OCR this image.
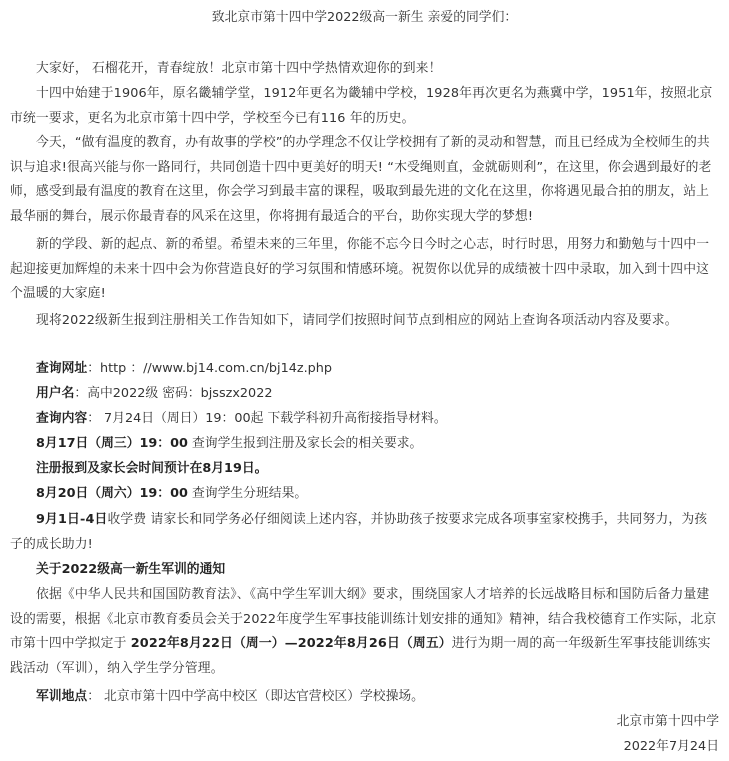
致北京市第十四中学2022级高一新生 亲爱的同学们：

大家好， 石榴花开，青春绽放！北京市第十四中学热情欢迎你的到来！

十四中始建于1906年，原名畿辅学堂，1912年更名为畿辅中学校，1928年再次更名为燕冀中学，1951年，按照北京市统一要求，更名为北京市第十四中学，学校至今已有116 年的历史。

今天，“做有温度的教育，办有故事的学校”的办学理念不仅让学校拥有了新的灵动和智慧，而且已经成为全校师生的共识与追求!很高兴能与你一路同行，共同创造十四中更美好的明天! “木受绳则直，金就砺则利”，在这里，你会遇到最好的老师，感受到最有温度的教育在这里，你会学习到最丰富的课程，吸取到最先进的文化在这里，你将遇见最合拍的朋友，站上最华丽的舞台，展示你最青春的风采在这里，你将拥有最适合的平台，助你实现大学的梦想!

新的学段、新的起点、新的希望。希望未来的三年里，你能不忘今日今时之心志，时行时思，用努力和勤勉与十四中一起迎接更加辉煌的未来十四中会为你营造良好的学习氛围和情感环境。祝贺你以优异的成绩被十四中录取，加入到十四中这个温暖的大家庭!

现将2022级新生报到注册相关工作告知如下，请同学们按照时间节点到相应的网站上查询各项活动内容及要求。

查询网址：http ：//www.bj14.com.cn/bj14z.php
用户名：高中2022级 密码：bjsszx2022
查询内容： 7月24日（周日）19：00起 下载学科初升高衔接指导材料。
8月17日（周三）19：00 查询学生报到注册及家长会的相关要求。
注册报到及家长会时间预计在8月19日。
8月20日（周六）19：00 查询学生分班结果。

9月1日-4日收学费 请家长和同学务必仔细阅读上述内容，并协助孩子按要求完成各项事室家校携手，共同努力，为孩子的成长助力!

关于2022级高一新生军训的通知

依据《中华人民共和国国防教育法》、《高中学生军训大纲》要求，围绕国家人才培养的长远战略目标和国防后备力量建设的需要，根据《北京市教育委员会关于2022年度学生军事技能训练计划安排的通知》精神，结合我校德育工作实际，北京市第十四中学拟定于 2022年8月22日（周一）—2022年8月26日（周五）进行为期一周的高一年级新生军事技能训练实践活动（军训），纳入学生学分管理。

军训地点： 北京市第十四中学高中校区（即达官营校区）学校操场。
北京市第十四中学
2022年7月24日
